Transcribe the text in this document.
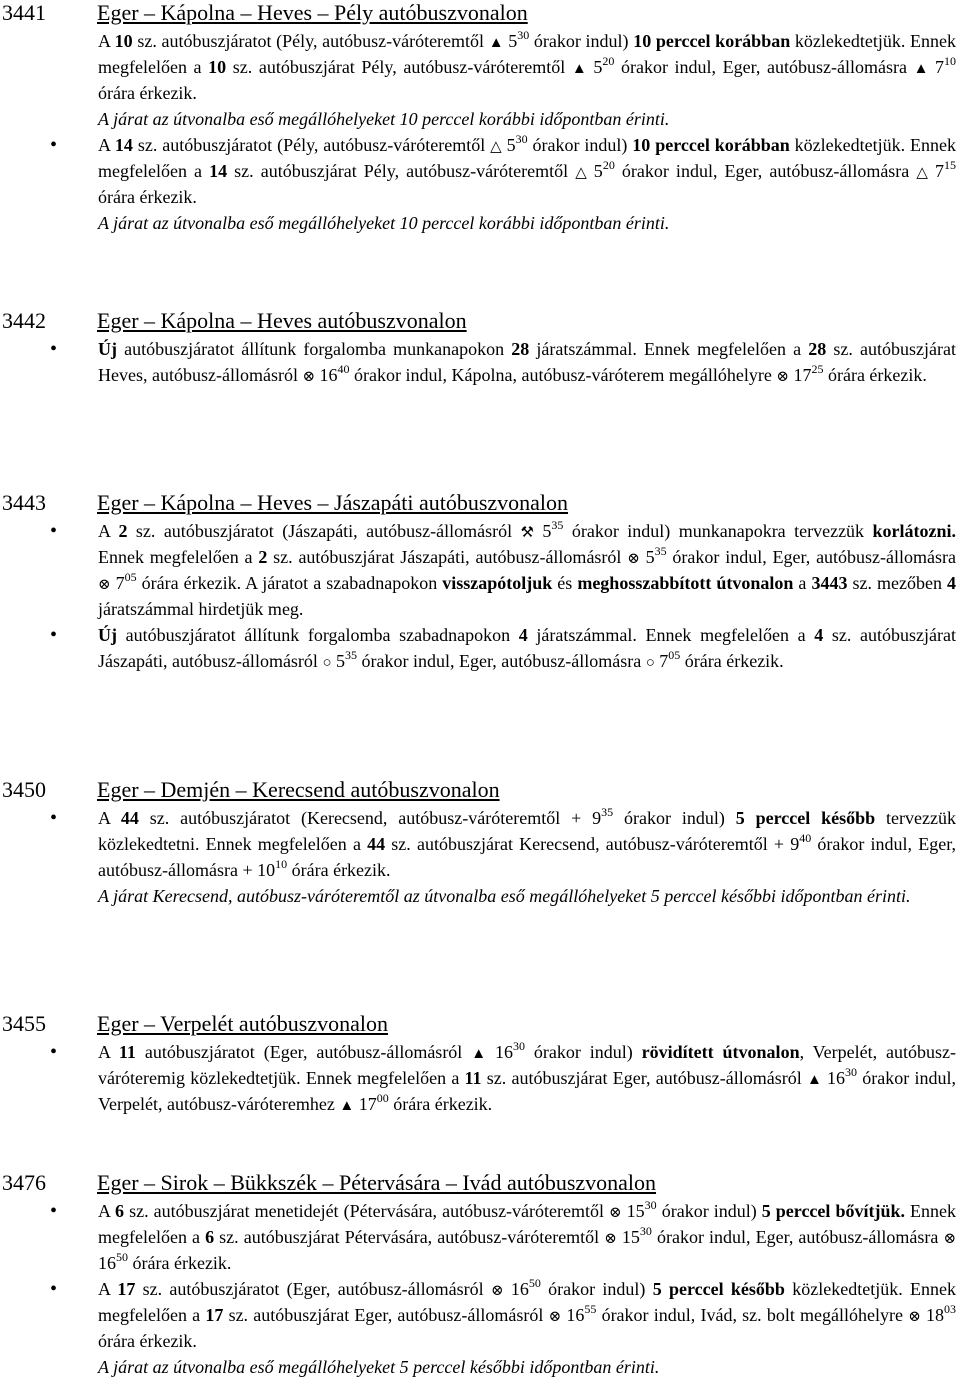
3441 Eger – Kápolna – Heves – Pély autóbuszvonalon
A 10 sz. autóbuszjáratot (Pély, autóbusz-váróteremtől ▲ $5^{30}$ órakor indul) 10 perccel korábban közlekedtetjük. Ennek megfelelően a 10 sz. autóbuszjárat Pély, autóbusz-váróteremtől ▲ $5^{20}$ órakor indul, Eger, autóbusz-állomásra ▲ $7^{10}$ órára érkezik.
A járat az útvonalba eső megállóhelyeket 10 perccel korábbi időpontban érinti.
• A 14 sz. autóbuszjáratot (Pély, autóbusz-váróteremtől △ $5^{30}$ órakor indul) 10 perccel korábban közlekedtetjük. Ennek megfelelően a 14 sz. autóbuszjárat Pély, autóbusz-váróteremtől △ $5^{20}$ órakor indul, Eger, autóbusz-állomásra △ $7^{15}$ órára érkezik.
A járat az útvonalba eső megállóhelyeket 10 perccel korábbi időpontban érinti.
3442 Eger – Kápolna – Heves autóbuszvonalon
• Új autóbuszjáratot állítunk forgalomba munkanapokon 28 járatszámmal. Ennek megfelelően a 28 sz. autóbuszjárat Heves, autóbusz-állomásról ⊗ $16^{40}$ órakor indul, Kápolna, autóbusz-váróterem megállóhelyre ⊗ $17^{25}$ órára érkezik.
3443 Eger – Kápolna – Heves – Jászapáti autóbuszvonalon
• A 2 sz. autóbuszjáratot (Jászapáti, autóbusz-állomásról ⚒ $5^{35}$ órakor indul) munkanapokra tervezzük korlátozni. Ennek megfelelően a 2 sz. autóbuszjárat Jászapáti, autóbusz-állomásról ⊗ $5^{35}$ órakor indul, Eger, autóbusz-állomásra ⊗ $7^{05}$ órára érkezik. A járatot a szabadnapokon visszapótoljuk és meghosszabbított útvonalon a 3443 sz. mezőben 4 járatszámmal hirdetjük meg.
• Új autóbuszjáratot állítunk forgalomba szabadnapokon 4 járatszámmal. Ennek megfelelően a 4 sz. autóbuszjárat Jászapáti, autóbusz-állomásról ○ $5^{35}$ órakor indul, Eger, autóbusz-állomásra ○ $7^{05}$ órára érkezik.
3450 Eger – Demjén – Kerecsend autóbuszvonalon
• A 44 sz. autóbuszjáratot (Kerecsend, autóbusz-váróteremtől + $9^{35}$ órakor indul) 5 perccel később tervezzük közlekedtetni. Ennek megfelelően a 44 sz. autóbuszjárat Kerecsend, autóbusz-váróteremtől + $9^{40}$ órakor indul, Eger, autóbusz-állomásra + $10^{10}$ órára érkezik.
A járat Kerecsend, autóbusz-váróteremtől az útvonalba eső megállóhelyeket 5 perccel későbbi időpontban érinti.
3455 Eger – Verpelét autóbuszvonalon
• A 11 autóbuszjáratot (Eger, autóbusz-állomásról ▲ $16^{30}$ órakor indul) rövidített útvonalon, Verpelét, autóbusz-váróteremig közlekedtetjük. Ennek megfelelően a 11 sz. autóbuszjárat Eger, autóbusz-állomásról ▲ $16^{30}$ órakor indul, Verpelét, autóbusz-váróteremhez ▲ $17^{00}$ órára érkezik.
3476 Eger – Sirok – Bükkszék – Pétervására – Ivád autóbuszvonalon
• A 6 sz. autóbuszjárat menetidejét (Pétervására, autóbusz-váróteremtől ⊗ $15^{30}$ órakor indul) 5 perccel bővítjük. Ennek megfelelően a 6 sz. autóbuszjárat Pétervására, autóbusz-váróteremtől ⊗ $15^{30}$ órakor indul, Eger, autóbusz-állomásra ⊗ $16^{50}$ órára érkezik.
• A 17 sz. autóbuszjáratot (Eger, autóbusz-állomásról ⊗ $16^{50}$ órakor indul) 5 perccel később közlekedtetjük. Ennek megfelelően a 17 sz. autóbuszjárat Eger, autóbusz-állomásról ⊗ $16^{55}$ órakor indul, Ivád, sz. bolt megállóhelyre ⊗ $18^{03}$ órára érkezik.
A járat az útvonalba eső megállóhelyeket 5 perccel későbbi időpontban érinti.
